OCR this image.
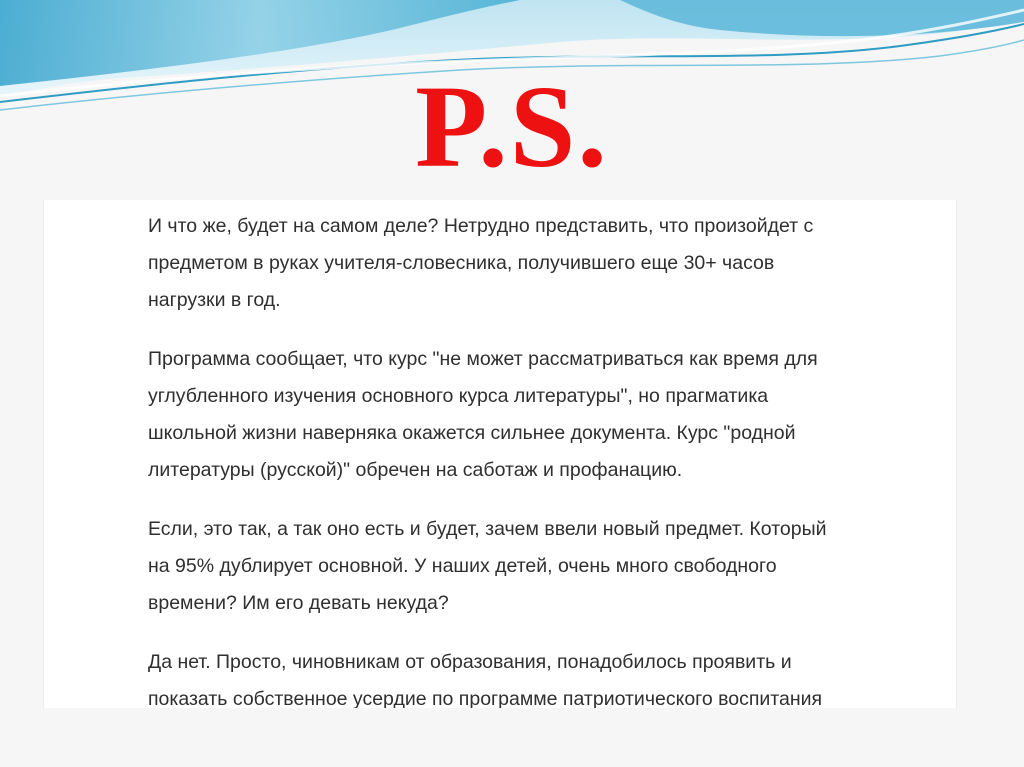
P.S.

И что же, будет на самом деле? Нетрудно представить, что произойдет с
предметом в руках учителя-словесника, получившего еще 30+ часов
нагрузки в год.

Программа сообщает, что курс "не может рассматриваться как время для
углубленного изучения основного курса литературы", но прагматика
школьной жизни наверняка окажется сильнее документа. Курс "родной
литературы (русской)" обречен на саботаж и профанацию.

Если, это так, а так оно есть и будет, зачем ввели новый предмет. Который
на 95% дублирует основной. У наших детей, очень много свободного
времени? Им его девать некуда?

Да нет. Просто, чиновникам от образования, понадобилось проявить и
показать собственное усердие по программе патриотического воспитания
